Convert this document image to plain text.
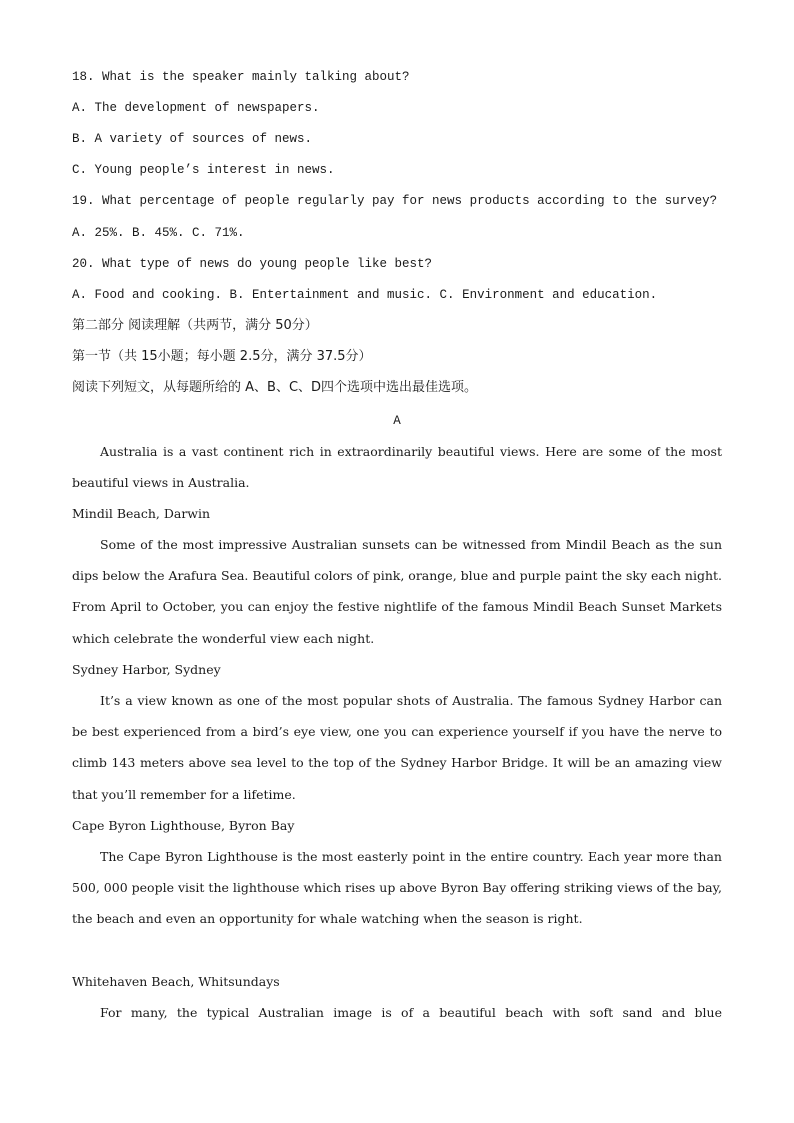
18. What is the speaker mainly talking about?
A. The development of newspapers.
B. A variety of sources of news.
C. Young people’s interest in news.
19. What percentage of people regularly pay for news products according to the survey?
A. 25%. B. 45%. C. 71%.
20. What type of news do young people like best?
A. Food and cooking. B. Entertainment and music. C. Environment and education.
第二部分 阅读理解（共两节，满分 50分）
第一节（共 15小题；每小题 2.5分，满分 37.5分）
阅读下列短文，从每题所给的 A、B、C、D四个选项中选出最佳选项。
A
Australia is a vast continent rich in extraordinarily beautiful views. Here are some of the most beautiful views in Australia.
Mindil Beach, Darwin
Some of the most impressive Australian sunsets can be witnessed from Mindil Beach as the sun dips below the Arafura Sea. Beautiful colors of pink, orange, blue and purple paint the sky each night. From April to October, you can enjoy the festive nightlife of the famous Mindil Beach Sunset Markets which celebrate the wonderful view each night.
Sydney Harbor, Sydney
It’s a view known as one of the most popular shots of Australia. The famous Sydney Harbor can be best experienced from a bird’s eye view, one you can experience yourself if you have the nerve to climb 143 meters above sea level to the top of the Sydney Harbor Bridge. It will be an amazing view that you’ll remember for a lifetime.
Cape Byron Lighthouse, Byron Bay
The Cape Byron Lighthouse is the most easterly point in the entire country. Each year more than 500, 000 people visit the lighthouse which rises up above Byron Bay offering striking views of the bay, the beach and even an opportunity for whale watching when the season is right.
Whitehaven Beach, Whitsundays
For many, the typical Australian image is of a beautiful beach with soft sand and blue
